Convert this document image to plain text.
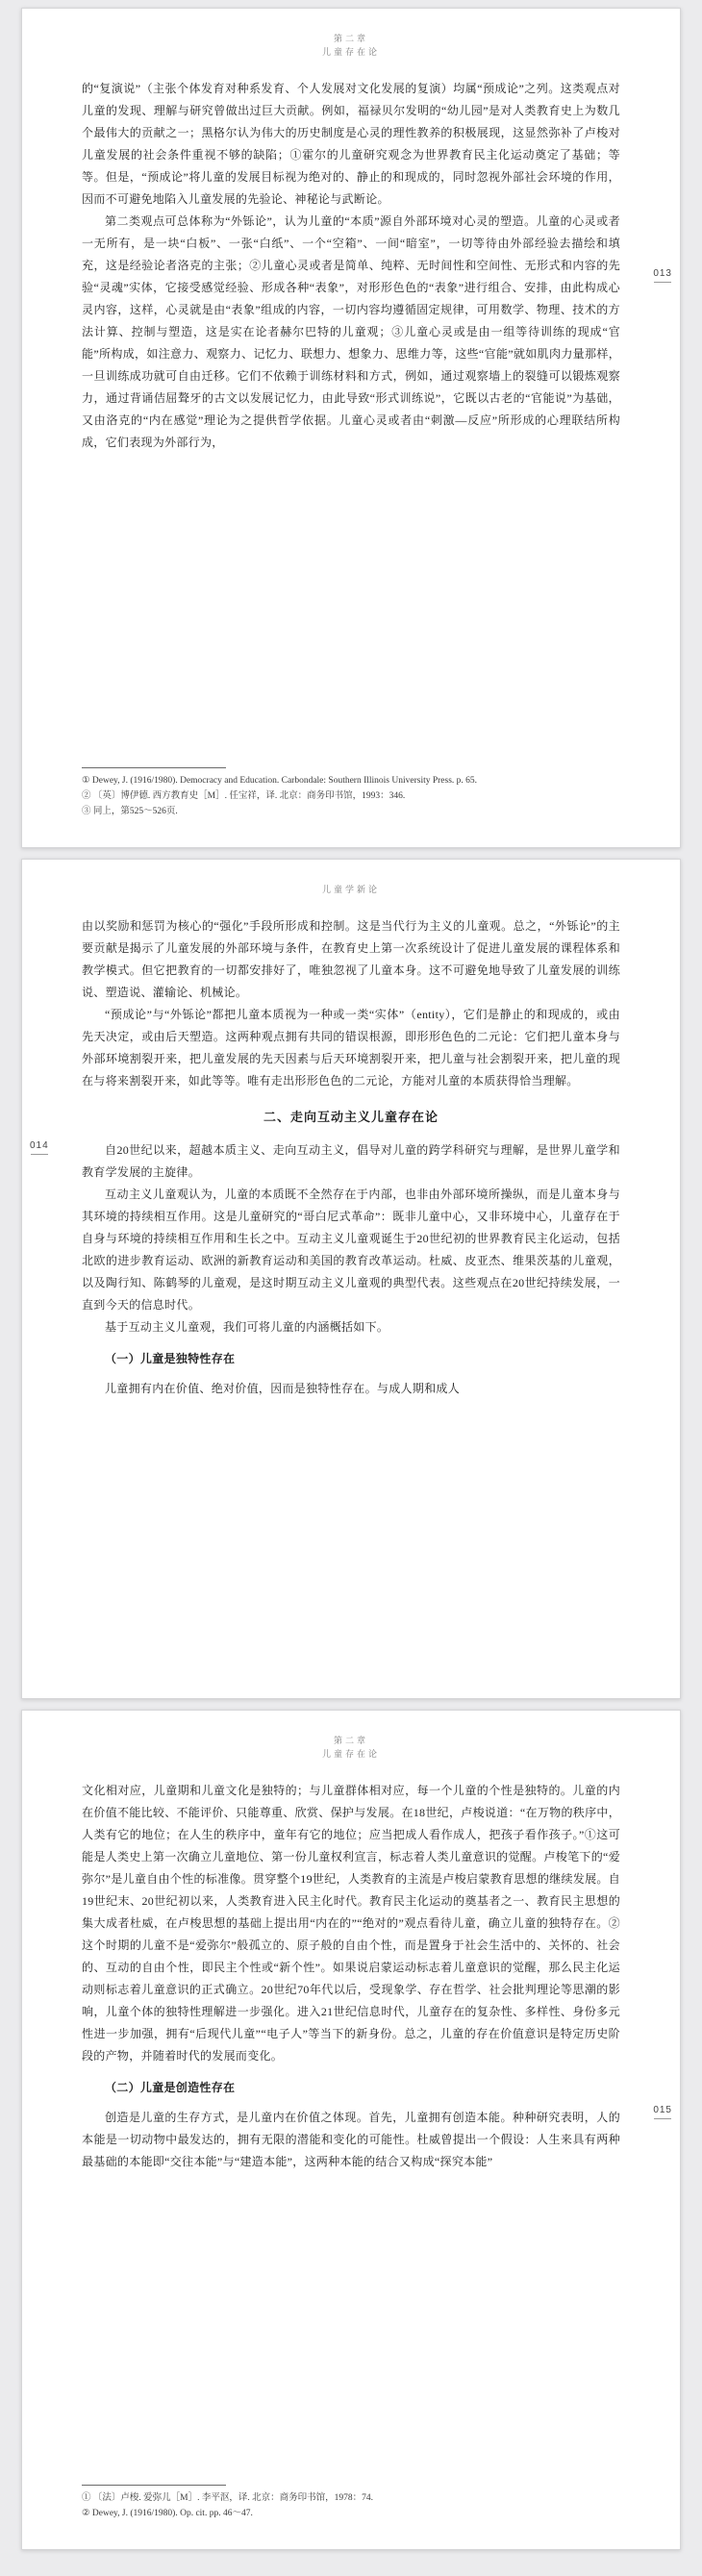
第二章
儿童存在论

的“复演说”（主张个体发育对种系发育、个人发展对文化发展的复演）均属“预成论”之列。这类观点对儿童的发现、理解与研究曾做出过巨大贡献。例如，福禄贝尔发明的“幼儿园”是对人类教育史上为数几个最伟大的贡献之一；黑格尔认为伟大的历史制度是心灵的理性教养的积极展现，这显然弥补了卢梭对儿童发展的社会条件重视不够的缺陷；①霍尔的儿童研究观念为世界教育民主化运动奠定了基础；等等。但是，“预成论”将儿童的发展目标视为绝对的、静止的和现成的，同时忽视外部社会环境的作用，因而不可避免地陷入儿童发展的先验论、神秘论与武断论。

第二类观点可总体称为“外铄论”，认为儿童的“本质”源自外部环境对心灵的塑造。儿童的心灵或者一无所有，是一块“白板”、一张“白纸”、一个“空箱”、一间“暗室”，一切等待由外部经验去描绘和填充，这是经验论者洛克的主张；②儿童心灵或者是简单、纯粹、无时间性和空间性、无形式和内容的先验“灵魂”实体，它接受感觉经验、形成各种“表象”，对形形色色的“表象”进行组合、安排，由此构成心灵内容，这样，心灵就是由“表象”组成的内容，一切内容均遵循固定规律，可用数学、物理、技术的方法计算、控制与塑造，这是实在论者赫尔巴特的儿童观；③儿童心灵或是由一组等待训练的现成“官能”所构成，如注意力、观察力、记忆力、联想力、想象力、思维力等，这些“官能”就如肌肉力量那样，一旦训练成功就可自由迁移。它们不依赖于训练材料和方式，例如，通过观察墙上的裂缝可以锻炼观察力，通过背诵佶屈聱牙的古文以发展记忆力，由此导致“形式训练说”，它既以古老的“官能说”为基础，又由洛克的“内在感觉”理论为之提供哲学依据。儿童心灵或者由“刺激—反应”所形成的心理联结所构成，它们表现为外部行为，

① Dewey, J. (1916/1980). Democracy and Education. Carbondale: Southern Illinois University Press. p. 65.
② 〔英〕博伊德. 西方教育史［M］. 任宝祥，译. 北京：商务印书馆，1993：346.
③ 同上，第525～526页.
013
儿童学新论

由以奖励和惩罚为核心的“强化”手段所形成和控制。这是当代行为主义的儿童观。总之，“外铄论”的主要贡献是揭示了儿童发展的外部环境与条件，在教育史上第一次系统设计了促进儿童发展的课程体系和教学模式。但它把教育的一切都安排好了，唯独忽视了儿童本身。这不可避免地导致了儿童发展的训练说、塑造说、灌输论、机械论。

“预成论”与“外铄论”都把儿童本质视为一种或一类“实体”（entity），它们是静止的和现成的，或由先天决定，或由后天塑造。这两种观点拥有共同的错误根源，即形形色色的二元论：它们把儿童本身与外部环境割裂开来，把儿童发展的先天因素与后天环境割裂开来，把儿童与社会割裂开来，把儿童的现在与将来割裂开来，如此等等。唯有走出形形色色的二元论，方能对儿童的本质获得恰当理解。

二、走向互动主义儿童存在论

自20世纪以来，超越本质主义、走向互动主义，倡导对儿童的跨学科研究与理解，是世界儿童学和教育学发展的主旋律。

互动主义儿童观认为，儿童的本质既不全然存在于内部，也非由外部环境所操纵，而是儿童本身与其环境的持续相互作用。这是儿童研究的“哥白尼式革命”：既非儿童中心，又非环境中心，儿童存在于自身与环境的持续相互作用和生长之中。互动主义儿童观诞生于20世纪初的世界教育民主化运动，包括北欧的进步教育运动、欧洲的新教育运动和美国的教育改革运动。杜威、皮亚杰、维果茨基的儿童观，以及陶行知、陈鹤琴的儿童观，是这时期互动主义儿童观的典型代表。这些观点在20世纪持续发展，一直到今天的信息时代。

基于互动主义儿童观，我们可将儿童的内涵概括如下。

（一）儿童是独特性存在

儿童拥有内在价值、绝对价值，因而是独特性存在。与成人期和成人

014
第二章
儿童存在论

文化相对应，儿童期和儿童文化是独特的；与儿童群体相对应，每一个儿童的个性是独特的。儿童的内在价值不能比较、不能评价、只能尊重、欣赏、保护与发展。在18世纪，卢梭说道：“在万物的秩序中，人类有它的地位；在人生的秩序中，童年有它的地位；应当把成人看作成人，把孩子看作孩子。”①这可能是人类史上第一次确立儿童地位、第一份儿童权利宣言，标志着人类儿童意识的觉醒。卢梭笔下的“爱弥尔”是儿童自由个性的标准像。贯穿整个19世纪，人类教育的主流是卢梭启蒙教育思想的继续发展。自19世纪末、20世纪初以来，人类教育进入民主化时代。教育民主化运动的奠基者之一、教育民主思想的集大成者杜威，在卢梭思想的基础上提出用“内在的”“绝对的”观点看待儿童，确立儿童的独特存在。②这个时期的儿童不是“爱弥尔”般孤立的、原子般的自由个性，而是置身于社会生活中的、关怀的、社会的、互动的自由个性，即民主个性或“新个性”。如果说启蒙运动标志着儿童意识的觉醒，那么民主化运动则标志着儿童意识的正式确立。20世纪70年代以后，受现象学、存在哲学、社会批判理论等思潮的影响，儿童个体的独特性理解进一步强化。进入21世纪信息时代，儿童存在的复杂性、多样性、身份多元性进一步加强，拥有“后现代儿童”“电子人”等当下的新身份。总之，儿童的存在价值意识是特定历史阶段的产物，并随着时代的发展而变化。

（二）儿童是创造性存在

创造是儿童的生存方式，是儿童内在价值之体现。首先，儿童拥有创造本能。种种研究表明，人的本能是一切动物中最发达的，拥有无限的潜能和变化的可能性。杜威曾提出一个假设：人生来具有两种最基础的本能即“交往本能”与“建造本能”，这两种本能的结合又构成“探究本能”

① 〔法〕卢梭. 爱弥儿［M］. 李平沤，译. 北京：商务印书馆，1978：74.
② Dewey, J. (1916/1980). Op. cit. pp. 46～47.
015
